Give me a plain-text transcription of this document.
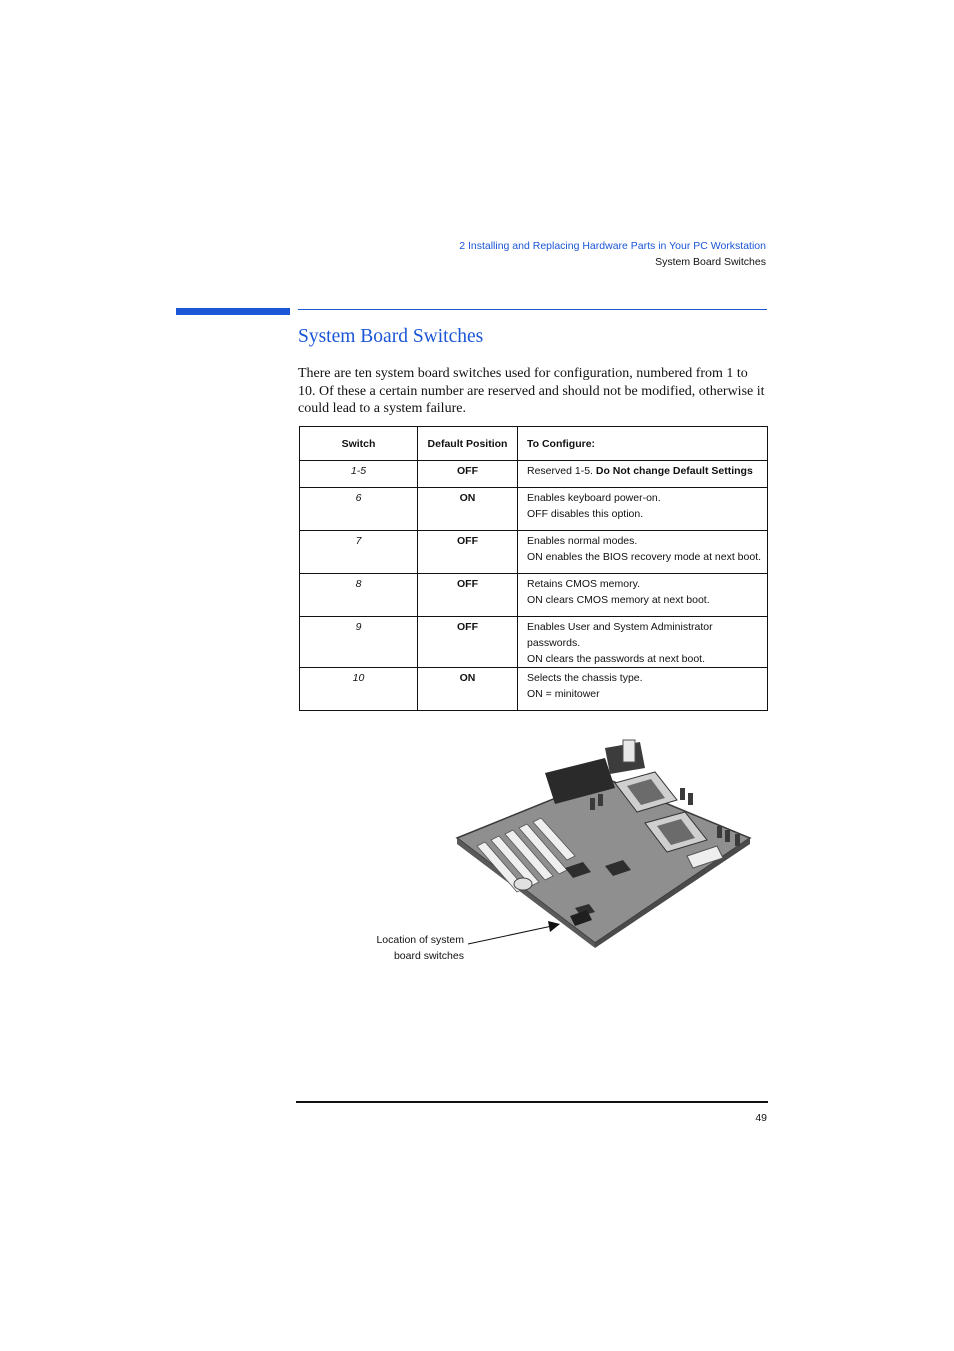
2 Installing and Replacing Hardware Parts in Your PC Workstation
System Board Switches
System Board Switches

There are ten system board switches used for configuration, numbered from 1 to 10. Of these a certain number are reserved and should not be modified, otherwise it could lead to a system failure.

Switch	Default Position	To Configure:
1-5	OFF	Reserved 1-5. Do Not change Default Settings
6	ON	Enables keyboard power-on.
OFF disables this option.

7	OFF	Enables normal modes.
ON enables the BIOS recovery mode at next boot.

8	OFF	Retains CMOS memory.
ON clears CMOS memory at next boot.

9	OFF	Enables User and System Administrator passwords.
ON clears the passwords at next boot.

10	ON	Selects the chassis type.
ON = minitower
Location of system
board switches
49
